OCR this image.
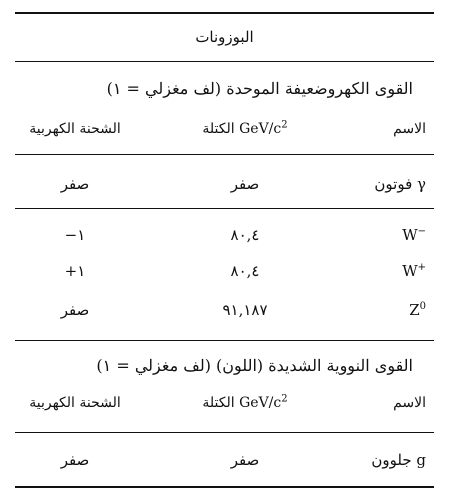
البوزونات
القوى الكهروضعيفة الموحدة (لف مغزلي = ١)
الاسم
GeV/$c^2$ الكتلة
الشحنة الكهربية
γ فوتون
صفر
صفر
W−
٨٠,٤
١−
W+
٨٠,٤
١+
$Z^0$
٩١,١٨٧
صفر
القوى النووية الشديدة (اللون) (لف مغزلي = ١)
الاسم
GeV/$c^2$ الكتلة
الشحنة الكهربية
g جلوون
صفر
صفر
